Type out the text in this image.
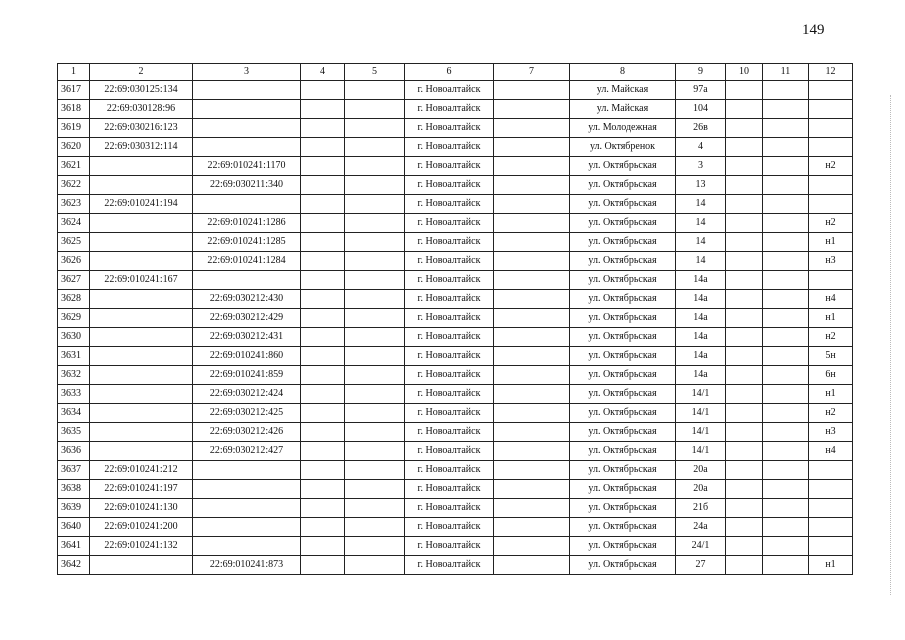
149
1	2	3	4	5	6	7	8	9	10	11	12
3617	22:69:030125:134				г. Новоалтайск		ул. Майская	97а			
3618	22:69:030128:96				г. Новоалтайск		ул. Майская	104			
3619	22:69:030216:123				г. Новоалтайск		ул. Молодежная	26в			
3620	22:69:030312:114				г. Новоалтайск		ул. Октябренок	4			
3621		22:69:010241:1170			г. Новоалтайск		ул. Октябрьская	3			н2
3622		22:69:030211:340			г. Новоалтайск		ул. Октябрьская	13			
3623	22:69:010241:194				г. Новоалтайск		ул. Октябрьская	14			
3624		22:69:010241:1286			г. Новоалтайск		ул. Октябрьская	14			н2
3625		22:69:010241:1285			г. Новоалтайск		ул. Октябрьская	14			н1
3626		22:69:010241:1284			г. Новоалтайск		ул. Октябрьская	14			н3
3627	22:69:010241:167				г. Новоалтайск		ул. Октябрьская	14а			
3628		22:69:030212:430			г. Новоалтайск		ул. Октябрьская	14а			н4
3629		22:69:030212:429			г. Новоалтайск		ул. Октябрьская	14а			н1
3630		22:69:030212:431			г. Новоалтайск		ул. Октябрьская	14а			н2
3631		22:69:010241:860			г. Новоалтайск		ул. Октябрьская	14а			5н
3632		22:69:010241:859			г. Новоалтайск		ул. Октябрьская	14а			6н
3633		22:69:030212:424			г. Новоалтайск		ул. Октябрьская	14/1			н1
3634		22:69:030212:425			г. Новоалтайск		ул. Октябрьская	14/1			н2
3635		22:69:030212:426			г. Новоалтайск		ул. Октябрьская	14/1			н3
3636		22:69:030212:427			г. Новоалтайск		ул. Октябрьская	14/1			н4
3637	22:69:010241:212				г. Новоалтайск		ул. Октябрьская	20а			
3638	22:69:010241:197				г. Новоалтайск		ул. Октябрьская	20а			
3639	22:69:010241:130				г. Новоалтайск		ул. Октябрьская	21б			
3640	22:69:010241:200				г. Новоалтайск		ул. Октябрьская	24а			
3641	22:69:010241:132				г. Новоалтайск		ул. Октябрьская	24/1			
3642		22:69:010241:873			г. Новоалтайск		ул. Октябрьская	27			н1
